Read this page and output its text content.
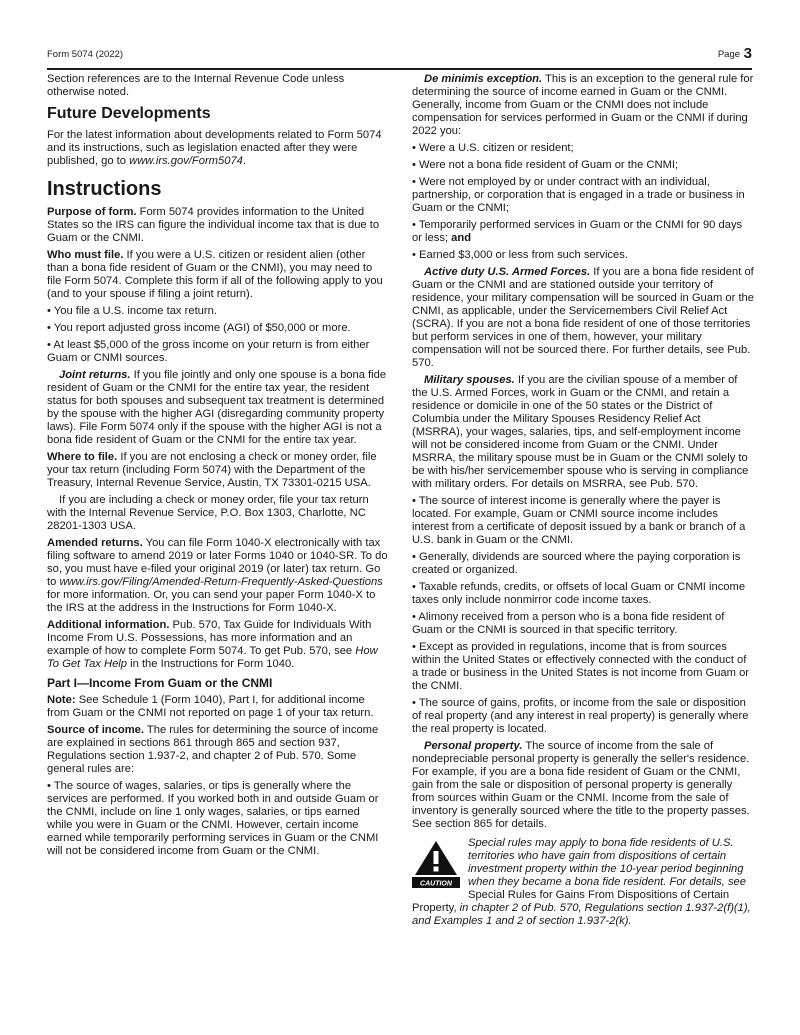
Form 5074 (2022)	Page 3

Section references are to the Internal Revenue Code unless otherwise noted.

Future Developments

For the latest information about developments related to Form 5074 and its instructions, such as legislation enacted after they were published, go to www.irs.gov/Form5074.

Instructions

Purpose of form. Form 5074 provides information to the United States so the IRS can figure the individual income tax that is due to Guam or the CNMI.

Who must file. If you were a U.S. citizen or resident alien (other than a bona fide resident of Guam or the CNMI), you may need to file Form 5074. Complete this form if all of the following apply to you (and to your spouse if filing a joint return).

• You file a U.S. income tax return.

• You report adjusted gross income (AGI) of $50,000 or more.

• At least $5,000 of the gross income on your return is from either Guam or CNMI sources.

Joint returns. If you file jointly and only one spouse is a bona fide resident of Guam or the CNMI for the entire tax year, the resident status for both spouses and subsequent tax treatment is determined by the spouse with the higher AGI (disregarding community property laws). File Form 5074 only if the spouse with the higher AGI is not a bona fide resident of Guam or the CNMI for the entire tax year.

Where to file. If you are not enclosing a check or money order, file your tax return (including Form 5074) with the Department of the Treasury, Internal Revenue Service, Austin, TX 73301-0215 USA.

If you are including a check or money order, file your tax return with the Internal Revenue Service, P.O. Box 1303, Charlotte, NC 28201-1303 USA.

Amended returns. You can file Form 1040-X electronically with tax filing software to amend 2019 or later Forms 1040 or 1040-SR. To do so, you must have e-filed your original 2019 (or later) tax return. Go to www.irs.gov/Filing/Amended-Return-Frequently-Asked-Questions for more information. Or, you can send your paper Form 1040-X to the IRS at the address in the Instructions for Form 1040-X.

Additional information. Pub. 570, Tax Guide for Individuals With Income From U.S. Possessions, has more information and an example of how to complete Form 5074. To get Pub. 570, see How To Get Tax Help in the Instructions for Form 1040.

Part I—Income From Guam or the CNMI

Note: See Schedule 1 (Form 1040), Part I, for additional income from Guam or the CNMI not reported on page 1 of your tax return.

Source of income. The rules for determining the source of income are explained in sections 861 through 865 and section 937, Regulations section 1.937-2, and chapter 2 of Pub. 570. Some general rules are:

• The source of wages, salaries, or tips is generally where the services are performed. If you worked both in and outside Guam or the CNMI, include on line 1 only wages, salaries, or tips earned while you were in Guam or the CNMI. However, certain income earned while temporarily performing services in Guam or the CNMI will not be considered income from Guam or the CNMI.

De minimis exception. This is an exception to the general rule for determining the source of income earned in Guam or the CNMI. Generally, income from Guam or the CNMI does not include compensation for services performed in Guam or the CNMI if during 2022 you:

• Were a U.S. citizen or resident;

• Were not a bona fide resident of Guam or the CNMI;

• Were not employed by or under contract with an individual, partnership, or corporation that is engaged in a trade or business in Guam or the CNMI;

• Temporarily performed services in Guam or the CNMI for 90 days or less; and

• Earned $3,000 or less from such services.

Active duty U.S. Armed Forces. If you are a bona fide resident of Guam or the CNMI and are stationed outside your territory of residence, your military compensation will be sourced in Guam or the CNMI, as applicable, under the Servicemembers Civil Relief Act (SCRA). If you are not a bona fide resident of one of those territories but perform services in one of them, however, your military compensation will not be sourced there. For further details, see Pub. 570.

Military spouses. If you are the civilian spouse of a member of the U.S. Armed Forces, work in Guam or the CNMI, and retain a residence or domicile in one of the 50 states or the District of Columbia under the Military Spouses Residency Relief Act (MSRRA), your wages, salaries, tips, and self-employment income will not be considered income from Guam or the CNMI. Under MSRRA, the military spouse must be in Guam or the CNMI solely to be with his/her servicemember spouse who is serving in compliance with military orders. For details on MSRRA, see Pub. 570.

• The source of interest income is generally where the payer is located. For example, Guam or CNMI source income includes interest from a certificate of deposit issued by a bank or branch of a U.S. bank in Guam or the CNMI.

• Generally, dividends are sourced where the paying corporation is created or organized.

• Taxable refunds, credits, or offsets of local Guam or CNMI income taxes only include nonmirror code income taxes.

• Alimony received from a person who is a bona fide resident of Guam or the CNMI is sourced in that specific territory.

• Except as provided in regulations, income that is from sources within the United States or effectively connected with the conduct of a trade or business in the United States is not income from Guam or the CNMI.

• The source of gains, profits, or income from the sale or disposition of real property (and any interest in real property) is generally where the real property is located.

Personal property. The source of income from the sale of nondepreciable personal property is generally the seller's residence. For example, if you are a bona fide resident of Guam or the CNMI, gain from the sale or disposition of personal property is generally from sources within Guam or the CNMI. Income from the sale of inventory is generally sourced where the title to the property passes. See section 865 for details.

CAUTION
Special rules may apply to bona fide residents of U.S. territories who have gain from dispositions of certain investment property within the 10-year period beginning when they became a bona fide resident. For details, see Special Rules for Gains From Dispositions of Certain Property, in chapter 2 of Pub. 570, Regulations section 1.937-2(f)(1), and Examples 1 and 2 of section 1.937-2(k).
